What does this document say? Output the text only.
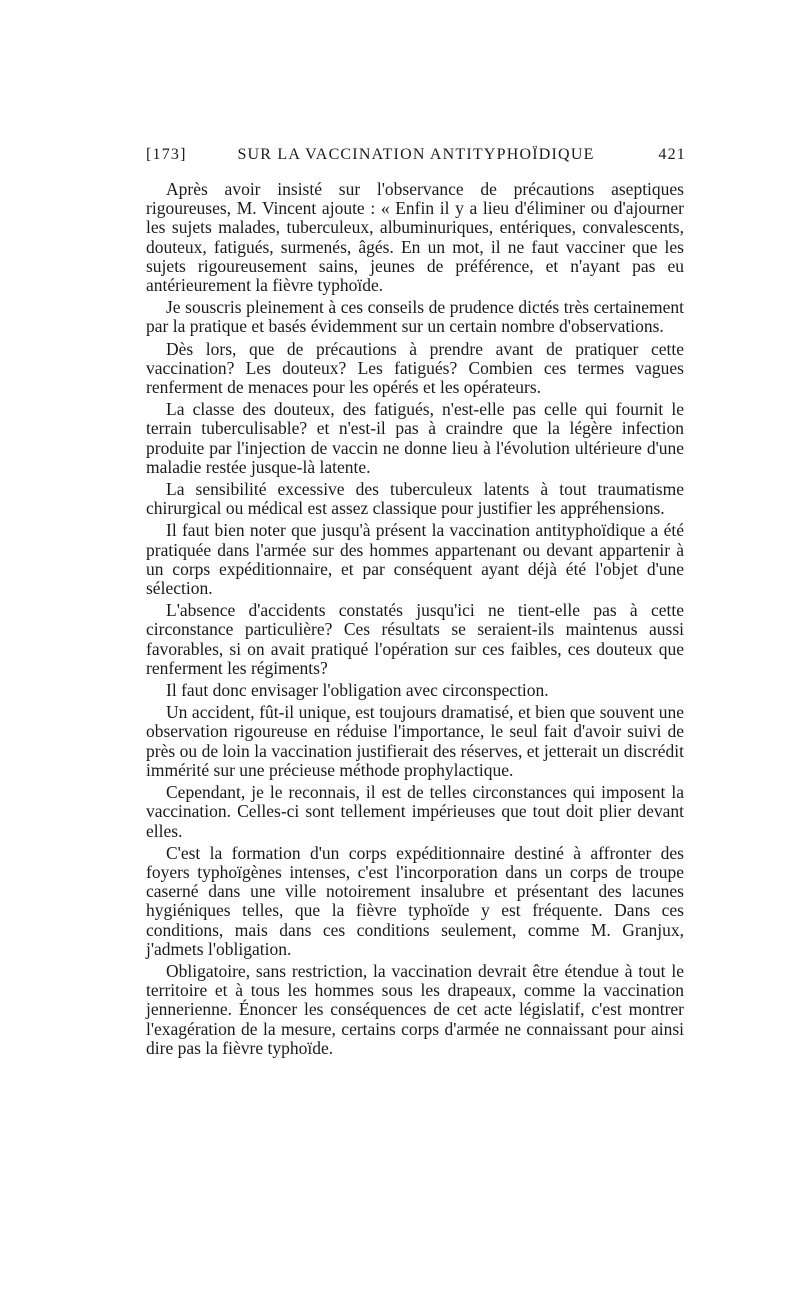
[173]	SUR LA VACCINATION ANTITYPHOÏDIQUE	421

Après avoir insisté sur l'observance de précautions aseptiques rigoureuses, M. Vincent ajoute : « Enfin il y a lieu d'éliminer ou d'ajourner les sujets malades, tuberculeux, albuminuriques, entériques, convalescents, douteux, fatigués, surmenés, âgés. En un mot, il ne faut vacciner que les sujets rigoureusement sains, jeunes de préférence, et n'ayant pas eu antérieurement la fièvre typhoïde.

Je souscris pleinement à ces conseils de prudence dictés très certainement par la pratique et basés évidemment sur un certain nombre d'observations.

Dès lors, que de précautions à prendre avant de pratiquer cette vaccination? Les douteux? Les fatigués? Combien ces termes vagues renferment de menaces pour les opérés et les opérateurs.

La classe des douteux, des fatigués, n'est-elle pas celle qui fournit le terrain tuberculisable? et n'est-il pas à craindre que la légère infection produite par l'injection de vaccin ne donne lieu à l'évolution ultérieure d'une maladie restée jusque-là latente.

La sensibilité excessive des tuberculeux latents à tout traumatisme chirurgical ou médical est assez classique pour justifier les appréhensions.

Il faut bien noter que jusqu'à présent la vaccination antityphoïdique a été pratiquée dans l'armée sur des hommes appartenant ou devant appartenir à un corps expéditionnaire, et par conséquent ayant déjà été l'objet d'une sélection.

L'absence d'accidents constatés jusqu'ici ne tient-elle pas à cette circonstance particulière? Ces résultats se seraient-ils maintenus aussi favorables, si on avait pratiqué l'opération sur ces faibles, ces douteux que renferment les régiments?

Il faut donc envisager l'obligation avec circonspection.

Un accident, fût-il unique, est toujours dramatisé, et bien que souvent une observation rigoureuse en réduise l'importance, le seul fait d'avoir suivi de près ou de loin la vaccination justifierait des réserves, et jetterait un discrédit immérité sur une précieuse méthode prophylactique.

Cependant, je le reconnais, il est de telles circonstances qui imposent la vaccination. Celles-ci sont tellement impérieuses que tout doit plier devant elles.

C'est la formation d'un corps expéditionnaire destiné à affronter des foyers typhoïgènes intenses, c'est l'incorporation dans un corps de troupe caserné dans une ville notoirement insalubre et présentant des lacunes hygiéniques telles, que la fièvre typhoïde y est fréquente. Dans ces conditions, mais dans ces conditions seulement, comme M. Granjux, j'admets l'obligation.

Obligatoire, sans restriction, la vaccination devrait être étendue à tout le territoire et à tous les hommes sous les drapeaux, comme la vaccination jennerienne. Énoncer les conséquences de cet acte législatif, c'est montrer l'exagération de la mesure, certains corps d'armée ne connaissant pour ainsi dire pas la fièvre typhoïde.
